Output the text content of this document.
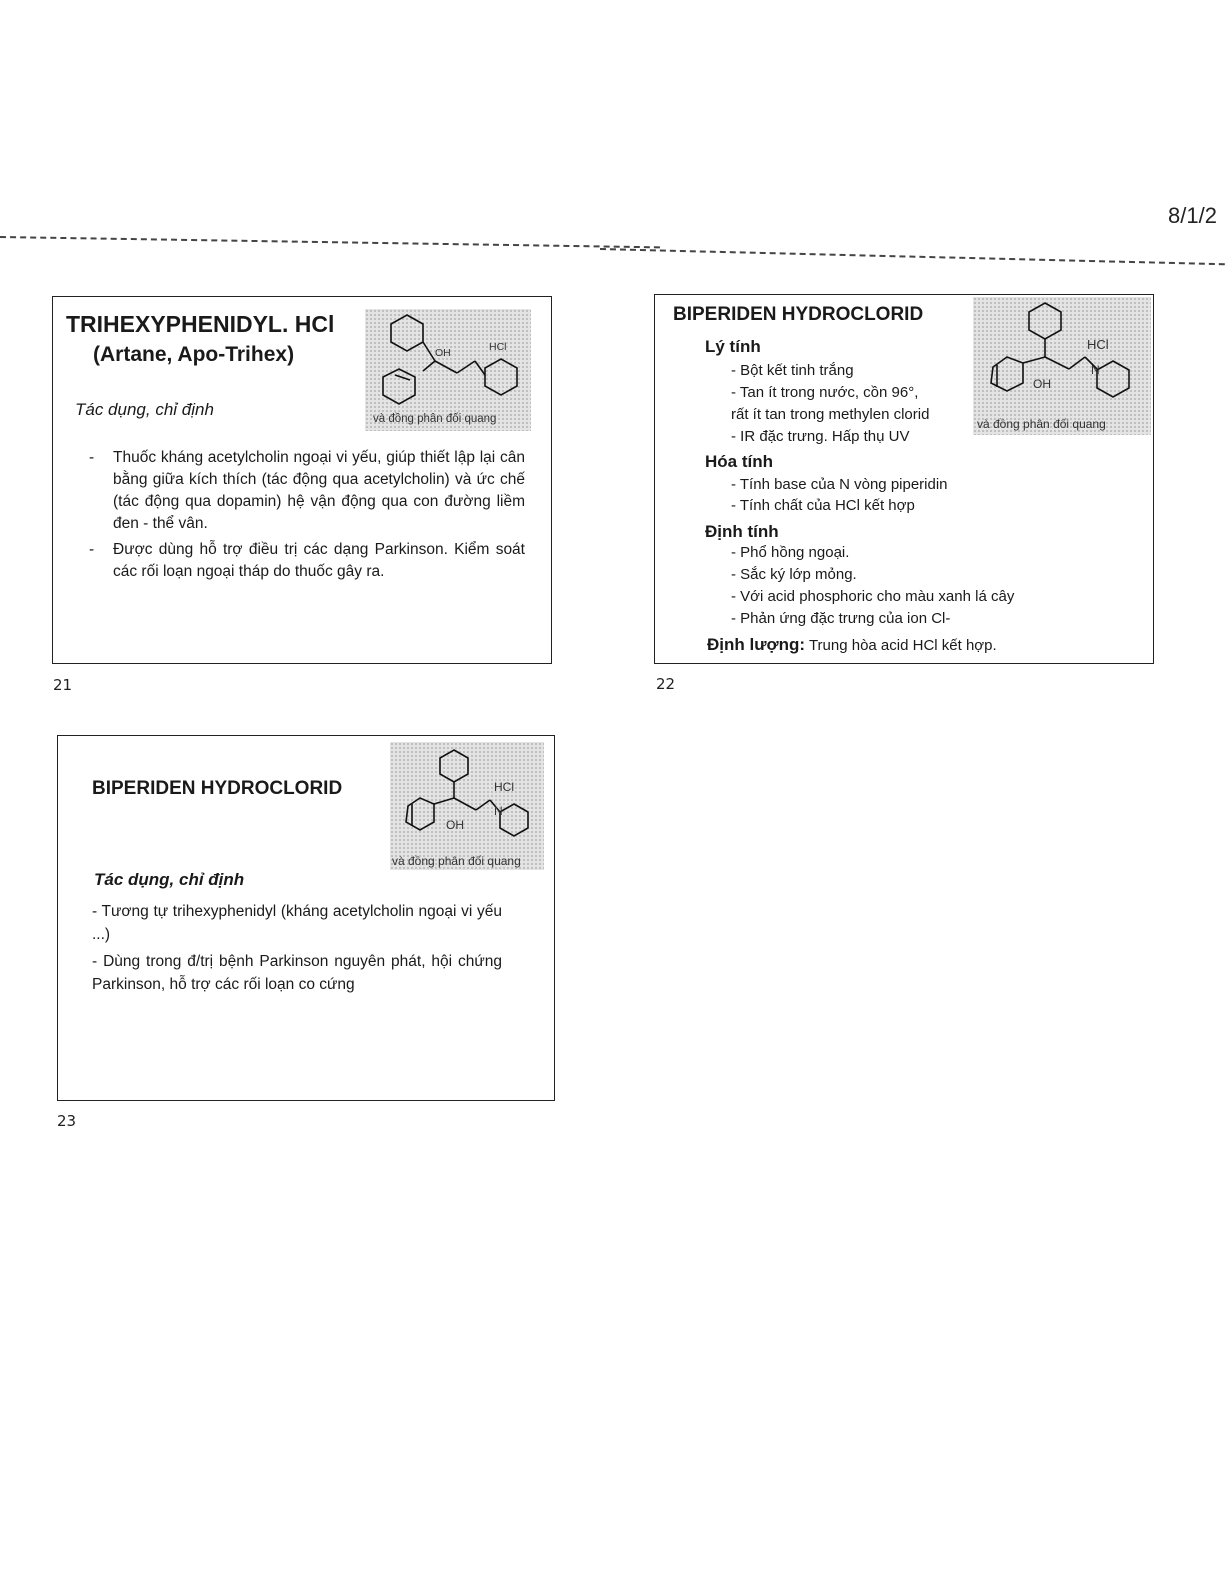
8/1/2
TRIHEXYPHENIDYL. HCl
(Artane, Apo-Trihex)	OH	HCl
và đồng phân đối quang
Tác dụng, chỉ định
- Thuốc kháng acetylcholin ngoại vi yếu, giúp thiết lập lại cân bằng giữa kích thích (tác động qua acetylcholin) và ức chế (tác động qua dopamin) hệ vận động qua con đường liềm đen - thể vân.
- Được dùng hỗ trợ điều trị các dạng Parkinson. Kiểm soát các rối loạn ngoại tháp do thuốc gây ra.
21
BIPERIDEN HYDROCLORID
OH
HCl
N
và đồng phân đối quang
Lý tính
- Bột kết tinh trắng
- Tan ít trong nước, cồn 96°,
rất ít tan trong methylen clorid
- IR đặc trưng. Hấp thụ UV
Hóa tính
- Tính base của N vòng piperidin
- Tính chất của HCl kết hợp
Định tính
- Phổ hồng ngoại.
- Sắc ký lớp mỏng.
- Với acid phosphoric cho màu xanh lá cây
- Phản ứng đặc trưng của ion Cl-
Định lượng: Trung hòa acid HCl kết hợp.
22
BIPERIDEN HYDROCLORID
OH
HCl
N
và đồng phân đối quang
Tác dụng, chỉ định
- Tương tự trihexyphenidyl (kháng acetylcholin ngoại vi yếu ...)
- Dùng trong đ/trị bệnh Parkinson nguyên phát, hội chứng Parkinson, hỗ trợ các rối loạn co cứng
23
